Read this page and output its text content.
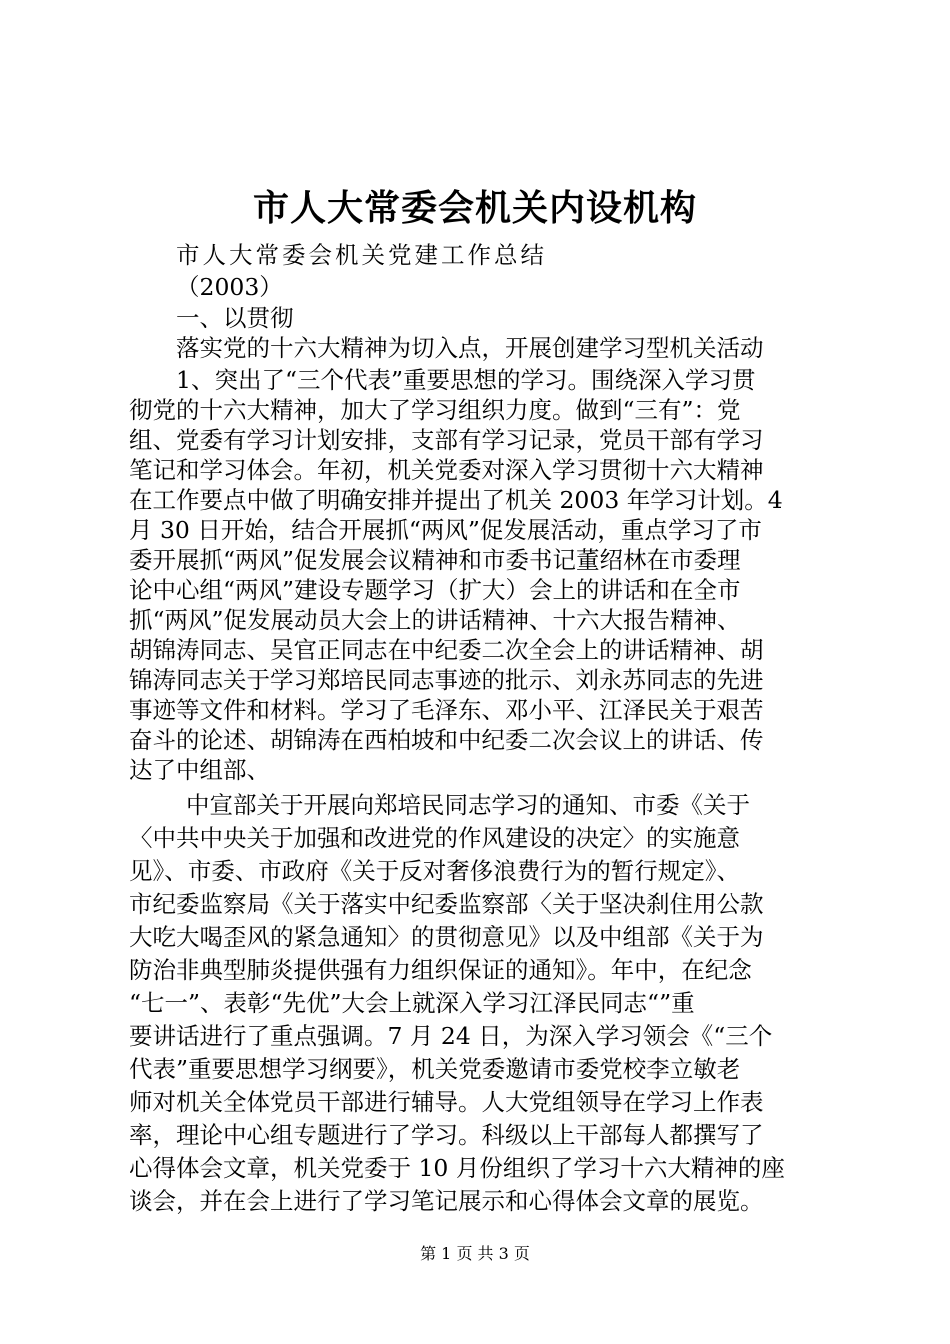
市人大常委会机关内设机构

市人大常委会机关党建工作总结

（2003）

一、以贯彻

落实党的十六大精神为切入点，开展创建学习型机关活动

1、突出了“三个代表”重要思想的学习。围绕深入学习贯

彻党的十六大精神，加大了学习组织力度。做到“三有”：党

组、党委有学习计划安排，支部有学习记录，党员干部有学习

笔记和学习体会。年初，机关党委对深入学习贯彻十六大精神

在工作要点中做了明确安排并提出了机关 2003 年学习计划。4

月 30 日开始，结合开展抓“两风”促发展活动，重点学习了市

委开展抓“两风”促发展会议精神和市委书记董绍林在市委理

论中心组“两风”建设专题学习（扩大）会上的讲话和在全市

抓“两风”促发展动员大会上的讲话精神、十六大报告精神、

胡锦涛同志、吴官正同志在中纪委二次全会上的讲话精神、胡

锦涛同志关于学习郑培民同志事迹的批示、刘永苏同志的先进

事迹等文件和材料。学习了毛泽东、邓小平、江泽民关于艰苦

奋斗的论述、胡锦涛在西柏坡和中纪委二次会议上的讲话、传

达了中组部、

中宣部关于开展向郑培民同志学习的通知、市委《关于

〈中共中央关于加强和改进党的作风建设的决定〉的实施意

见》、市委、市政府《关于反对奢侈浪费行为的暂行规定》、

市纪委监察局《关于落实中纪委监察部〈关于坚决刹住用公款

大吃大喝歪风的紧急通知〉的贯彻意见》以及中组部《关于为

防治非典型肺炎提供强有力组织保证的通知》。年中，在纪念

“七一”、表彰“先优”大会上就深入学习江泽民同志“”重

要讲话进行了重点强调。7 月 24 日，为深入学习领会《“三个

代表”重要思想学习纲要》，机关党委邀请市委党校李立敏老

师对机关全体党员干部进行辅导。人大党组领导在学习上作表

率，理论中心组专题进行了学习。科级以上干部每人都撰写了

心得体会文章，机关党委于 10 月份组织了学习十六大精神的座

谈会，并在会上进行了学习笔记展示和心得体会文章的展览。

第 1 页 共 3 页
